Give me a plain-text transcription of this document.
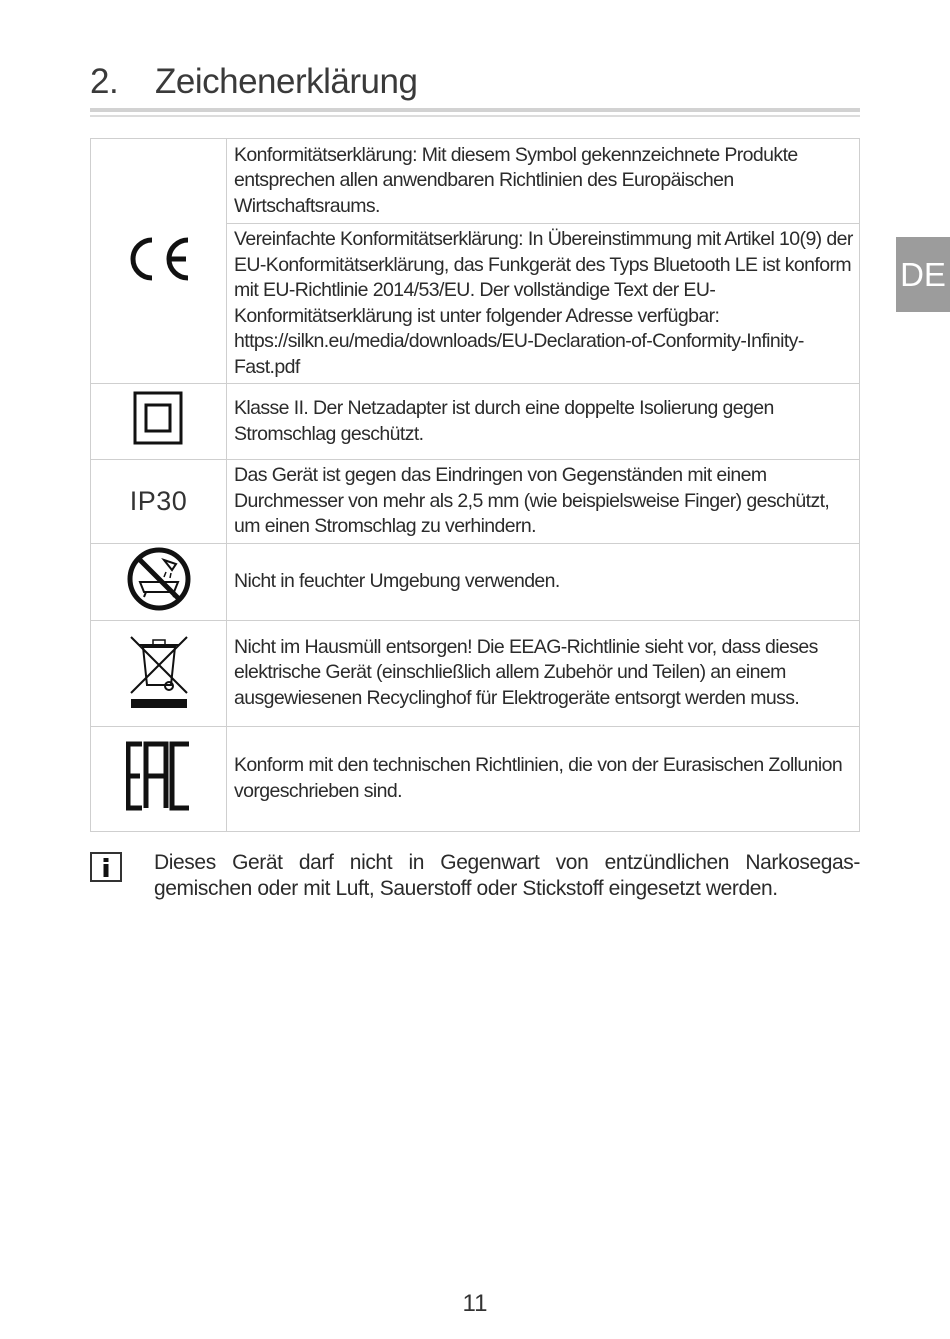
2. Zeichenerklärung
DE
	Konformitätserklärung: Mit diesem Symbol gekennzeichnete Produkte entsprechen allen anwendbaren Richtlinien des Europäischen Wirtschaftsraums.
	Vereinfachte Konformitätserklärung: In Übereinstimmung mit Artikel 10(9) der EU-Konformitätserklärung, das Funkgerät des Typs Bluetooth LE ist konform mit EU-Richtlinie 2014/53/EU. Der vollständige Text der EU-Konformitätserklärung ist unter folgender Adresse verfügbar: https://silkn.eu/media/downloads/EU-Declaration-of-Conformity-Infinity-Fast.pdf
	Klasse II. Der Netzadapter ist durch eine doppelte Isolierung gegen Stromschlag geschützt.
IP30	Das Gerät ist gegen das Eindringen von Gegenständen mit einem Durchmesser von mehr als 2,5 mm (wie beispielsweise Finger) geschützt, um einen Stromschlag zu verhindern.
	Nicht in feuchter Umgebung verwenden.
	Nicht im Hausmüll entsorgen! Die EEAG-Richtlinie sieht vor, dass dieses elektrische Gerät (einschließlich allem Zubehör und Teilen) an einem ausgewiesenen Recyclinghof für Elektrogeräte entsorgt werden muss.
	Konform mit den technischen Richtlinien, die von der Eurasischen Zollunion vorgeschrieben sind.
Dieses Gerät darf nicht in Gegenwart von entzündlichen Narkosegas-gemischen oder mit Luft, Sauerstoff oder Stickstoff eingesetzt werden.
11
